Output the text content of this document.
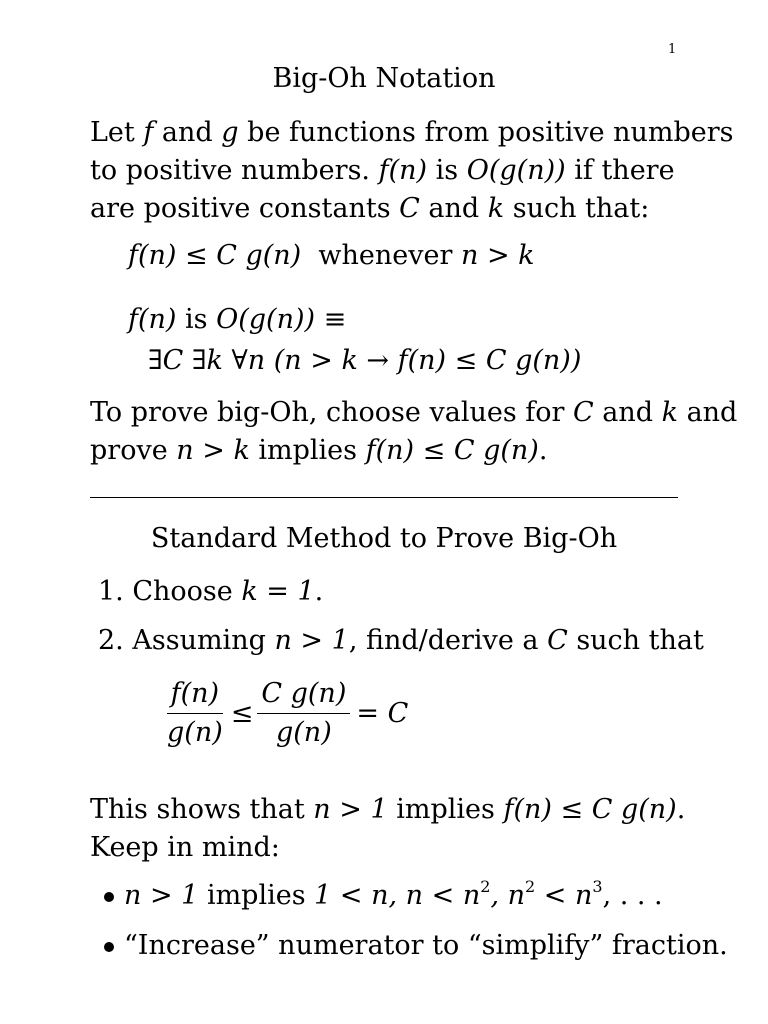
1
Big-Oh Notation
Let f and g be functions from positive numbers
to positive numbers. f(n) is O(g(n)) if there
are positive constants C and k such that:
f(n) ≤ C g(n) whenever n > k
f(n) is O(g(n)) ≡
∃C ∃k ∀n (n > k → f(n) ≤ C g(n))
To prove big-Oh, choose values for C and k and
prove n > k implies f(n) ≤ C g(n).
Standard Method to Prove Big-Oh
1. Choose k = 1.
2. Assuming n > 1, find/derive a C such that
$\frac{f(n)}{g(n)} \le \frac{\text{C g(n)}}{g(n)} = C$
This shows that n > 1 implies f(n) ≤ C g(n).
Keep in mind:
n > 1 implies 1 < n, $n < n^2$, $n^2 < n^3$, . . .
“Increase” numerator to “simplify” fraction.
